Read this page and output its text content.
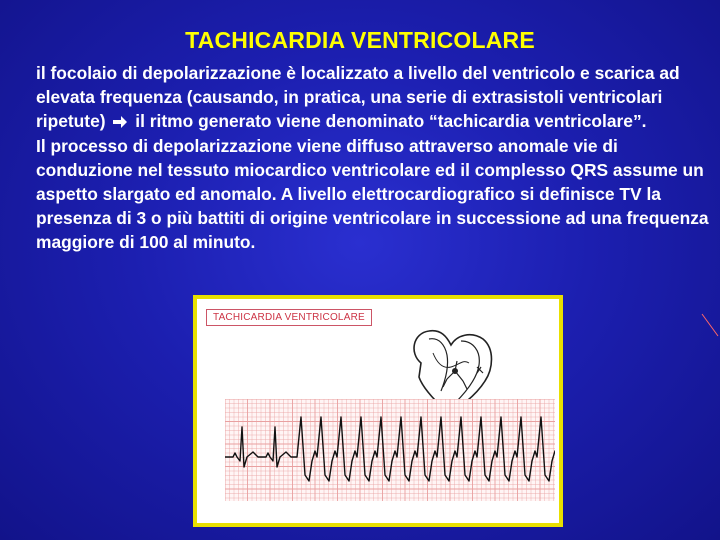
TACHICARDIA VENTRICOLARE

il focolaio di depolarizzazione è localizzato a livello del ventricolo e scarica ad elevata frequenza (causando, in pratica, una serie di extrasistoli ventricolari ripetute) il ritmo generato viene denominato “tachicardia ventricolare”.

Il processo di depolarizzazione viene diffuso attraverso anomale vie di conduzione nel tessuto miocardico ventricolare ed il complesso QRS assume un aspetto slargato ed anomalo. A livello elettrocardiografico si definisce TV la presenza di 3 o più battiti di origine ventricolare in successione ad una frequenza maggiore di 100 al minuto.

TACHICARDIA VENTRICOLARE
